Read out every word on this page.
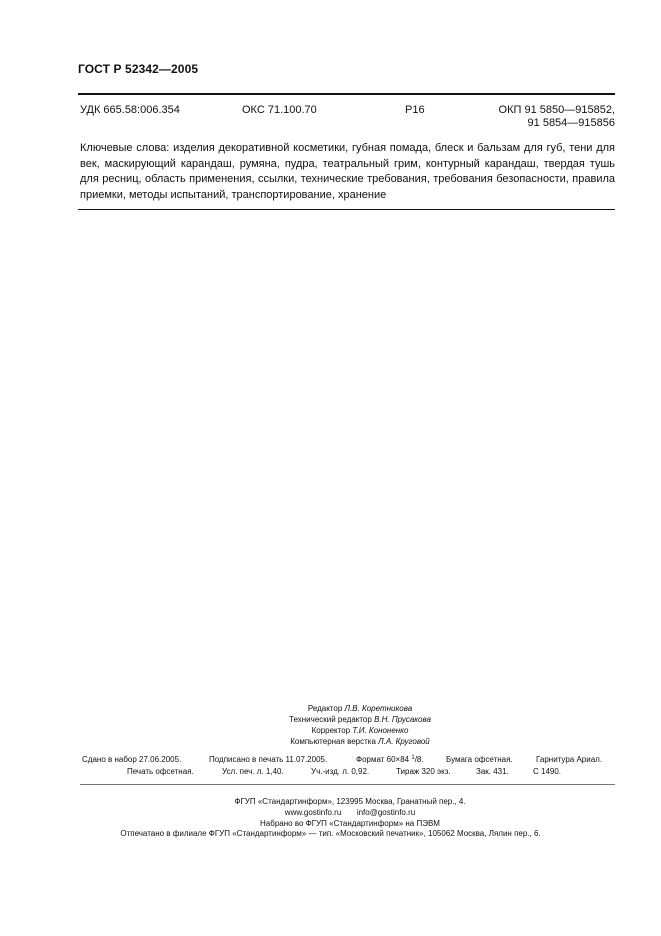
ГОСТ Р 52342—2005
УДК 665.58:006.354	ОКС 71.100.70	Р16	ОКП 91 5850—915852,
91 5854—915856
Ключевые слова: изделия декоративной косметики, губная помада, блеск и бальзам для губ, тени для век, маскирующий карандаш, румяна, пудра, театральный грим, контурный карандаш, твердая тушь для ресниц, область применения, ссылки, технические требования, требования безопасности, правила приемки, методы испытаний, транспортирование, хранение
Редактор Л.В. Коретникова
Технический редактор В.Н. Прусакова
Корректор Т.И. Кононенко
Компьютерная верстка Л.А. Круговой
Сдано в набор 27.06.2005.	Подписано в печать 11.07.2005.	Формат 60×84 $^1$/8.	Бумага офсетная.	Гарнитура Ариал.
Печать офсетная.	Усл. печ. л. 1,40.	Уч.-изд. л. 0,92.	Тираж 320 экз.	Зак. 431.	С 1490.
ФГУП «Стандартинформ», 123995 Москва, Гранатный пер., 4.
www.gostinfo.ru info@gostinfo.ru
Набрано во ФГУП «Стандартинформ» на ПЭВМ
Отпечатано в филиале ФГУП «Стандартинформ» — тип. «Московский печатник», 105062 Москва, Лялин пер., 6.
